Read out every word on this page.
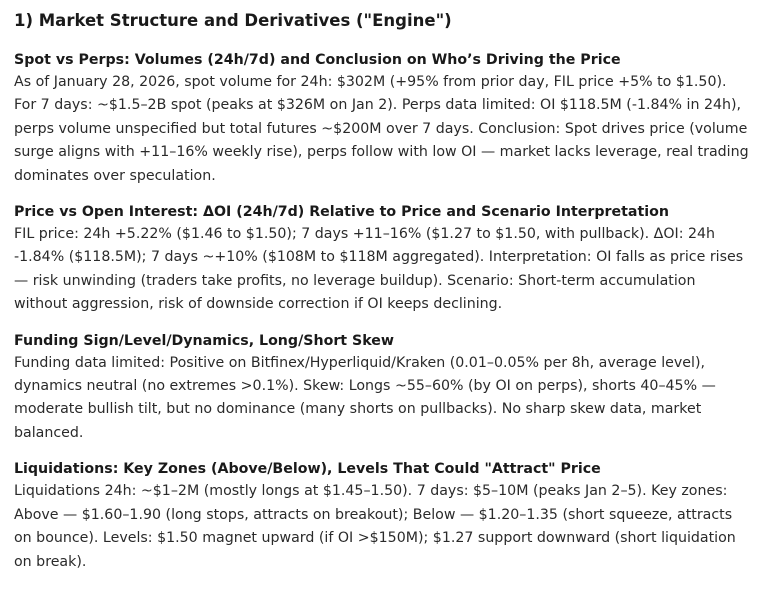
1) Market Structure and Derivatives ("Engine")
Spot vs Perps: Volumes (24h/7d) and Conclusion on Who’s Driving the Price

As of January 28, 2026, spot volume for 24h: $302M (+95% from prior day, FIL price +5% to $1.50). For 7 days: ~$1.5–2B spot (peaks at $326M on Jan 2). Perps data limited: OI $118.5M (-1.84% in 24h), perps volume unspecified but total futures ~$200M over 7 days. Conclusion: Spot drives price (volume surge aligns with +11–16% weekly rise), perps follow with low OI — market lacks leverage, real trading dominates over speculation.

Price vs Open Interest: ΔOI (24h/7d) Relative to Price and Scenario Interpretation

FIL price: 24h +5.22% ($1.46 to $1.50); 7 days +11–16% ($1.27 to $1.50, with pullback). ΔOI: 24h -1.84% ($118.5M); 7 days ~+10% ($108M to $118M aggregated). Interpretation: OI falls as price rises — risk unwinding (traders take profits, no leverage buildup). Scenario: Short-term accumulation without aggression, risk of downside correction if OI keeps declining.

Funding Sign/Level/Dynamics, Long/Short Skew

Funding data limited: Positive on Bitfinex/Hyperliquid/Kraken (0.01–0.05% per 8h, average level), dynamics neutral (no extremes >0.1%). Skew: Longs ~55–60% (by OI on perps), shorts 40–45% — moderate bullish tilt, but no dominance (many shorts on pullbacks). No sharp skew data, market balanced.

Liquidations: Key Zones (Above/Below), Levels That Could "Attract" Price

Liquidations 24h: ~$1–2M (mostly longs at $1.45–1.50). 7 days: $5–10M (peaks Jan 2–5). Key zones: Above — $1.60–1.90 (long stops, attracts on breakout); Below — $1.20–1.35 (short squeeze, attracts on bounce). Levels: $1.50 magnet upward (if OI >$150M); $1.27 support downward (short liquidation on break).
